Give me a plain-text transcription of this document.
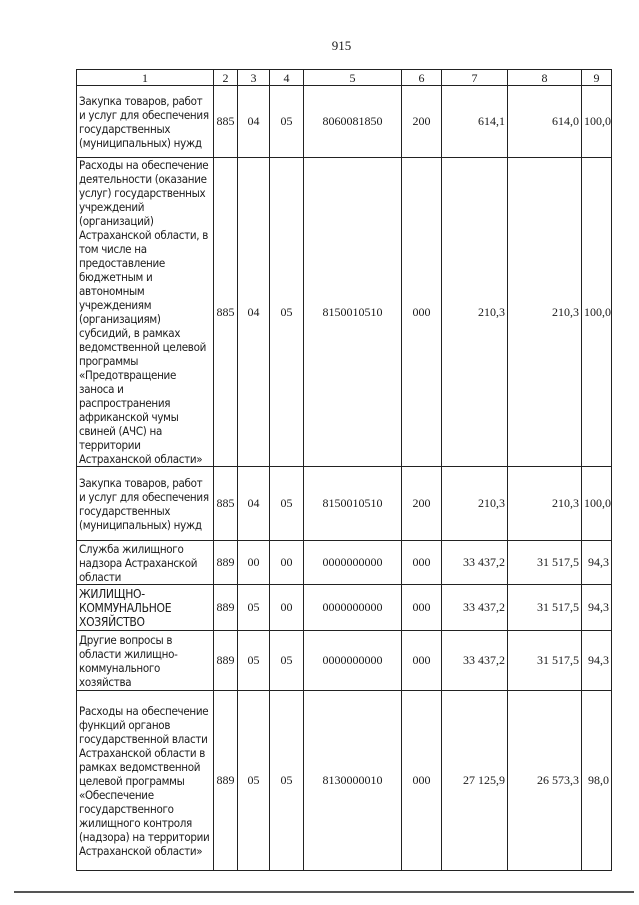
915
1	2	3	4	5	6	7	8	9
Закупка товаров, работ и услуг для обеспечения государственных (муниципальных) нужд	885	04	05	8060081850	200	614,1	614,0	100,0
Расходы на обеспечение деятельности (оказание услуг) государственных учреждений (организаций) Астраханской области, в том числе на предоставление бюджетным и автономным учреждениям (организациям) субсидий, в рамках ведомственной целевой программы «Предотвращение заноса и распространения африканской чумы свиней (АЧС) на территории Астраханской области»	885	04	05	8150010510	000	210,3	210,3	100,0
Закупка товаров, работ и услуг для обеспечения государственных (муниципальных) нужд	885	04	05	8150010510	200	210,3	210,3	100,0
Служба жилищного надзора Астраханской области	889	00	00	0000000000	000	33 437,2	31 517,5	94,3
ЖИЛИЩНО-КОММУНАЛЬНОЕ ХОЗЯЙСТВО	889	05	00	0000000000	000	33 437,2	31 517,5	94,3
Другие вопросы в области жилищно-коммунального хозяйства	889	05	05	0000000000	000	33 437,2	31 517,5	94,3
Расходы на обеспечение функций органов государственной власти Астраханской области в рамках ведомственной целевой программы «Обеспечение государственного жилищного контроля (надзора) на территории Астраханской области»	889	05	05	8130000010	000	27 125,9	26 573,3	98,0
